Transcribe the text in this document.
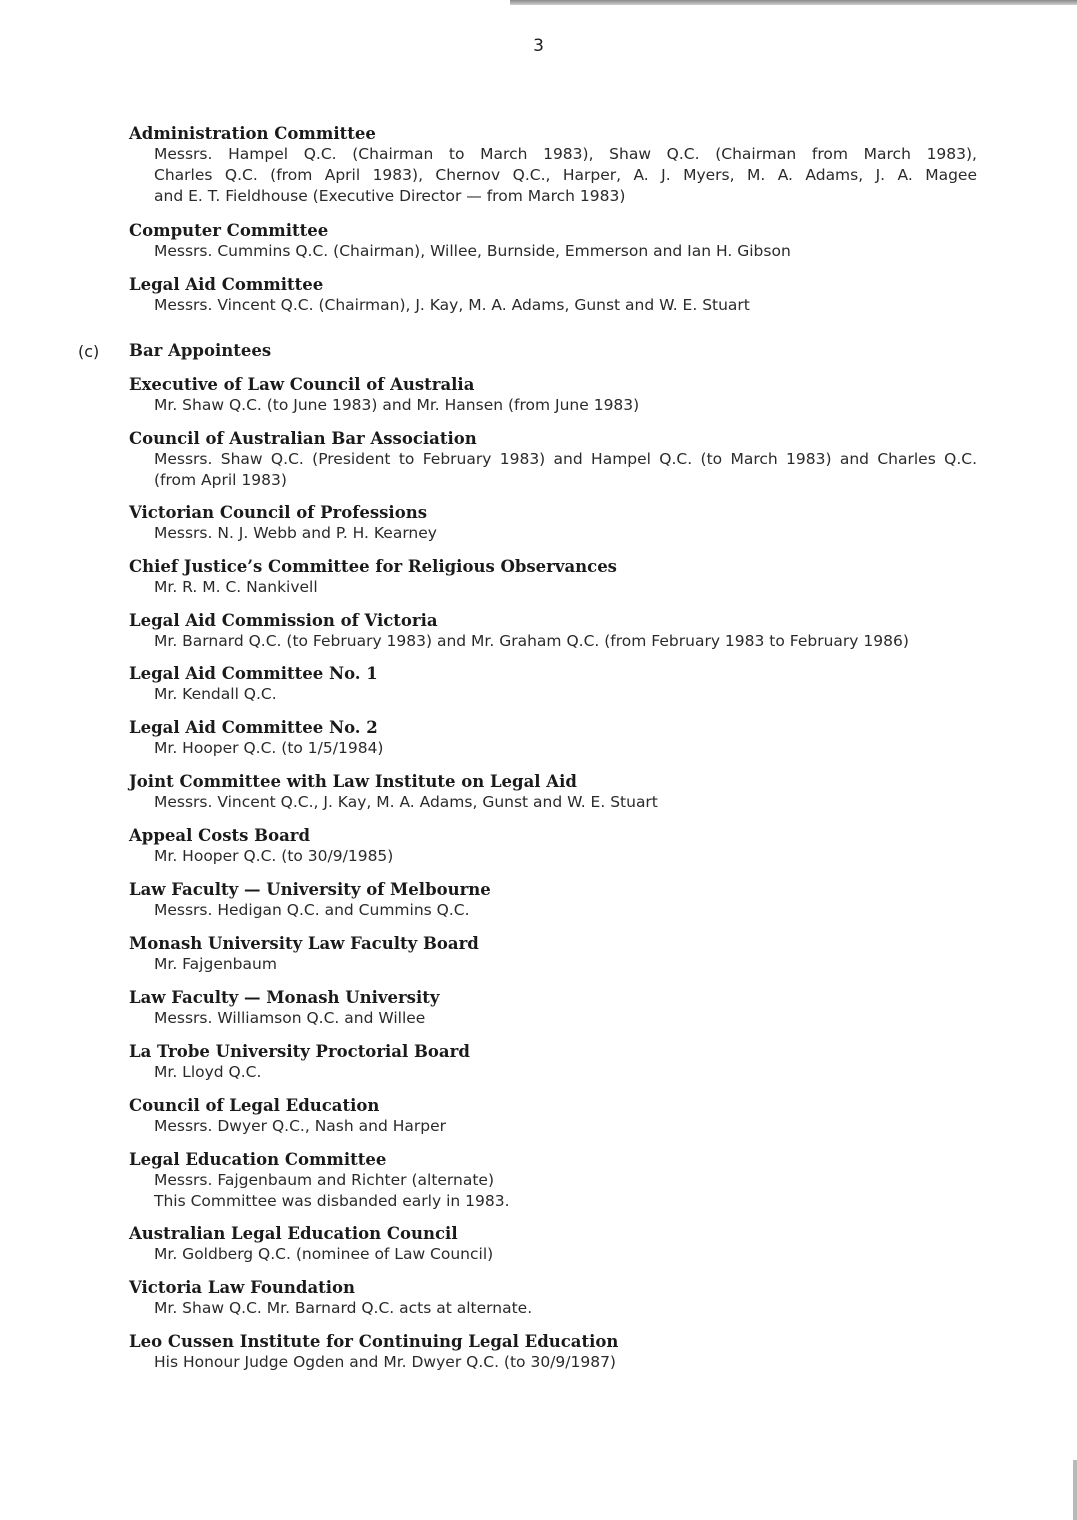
3
(c) Bar Appointees
Administration Committee
Messrs. Hampel Q.C. (Chairman to March 1983), Shaw Q.C. (Chairman from March 1983),
Charles Q.C. (from April 1983), Chernov Q.C., Harper, A. J. Myers, M. A. Adams, J. A. Magee
and E. T. Fieldhouse (Executive Director — from March 1983)
Computer Committee
Messrs. Cummins Q.C. (Chairman), Willee, Burnside, Emmerson and Ian H. Gibson
Legal Aid Committee
Messrs. Vincent Q.C. (Chairman), J. Kay, M. A. Adams, Gunst and W. E. Stuart
Executive of Law Council of Australia
Mr. Shaw Q.C. (to June 1983) and Mr. Hansen (from June 1983)
Council of Australian Bar Association
Messrs. Shaw Q.C. (President to February 1983) and Hampel Q.C. (to March 1983) and Charles Q.C.
(from April 1983)
Victorian Council of Professions
Messrs. N. J. Webb and P. H. Kearney
Chief Justice’s Committee for Religious Observances
Mr. R. M. C. Nankivell
Legal Aid Commission of Victoria
Mr. Barnard Q.C. (to February 1983) and Mr. Graham Q.C. (from February 1983 to February 1986)
Legal Aid Committee No. 1
Mr. Kendall Q.C.
Legal Aid Committee No. 2
Mr. Hooper Q.C. (to 1/5/1984)
Joint Committee with Law Institute on Legal Aid
Messrs. Vincent Q.C., J. Kay, M. A. Adams, Gunst and W. E. Stuart
Appeal Costs Board
Mr. Hooper Q.C. (to 30/9/1985)
Law Faculty — University of Melbourne
Messrs. Hedigan Q.C. and Cummins Q.C.
Monash University Law Faculty Board
Mr. Fajgenbaum
Law Faculty — Monash University
Messrs. Williamson Q.C. and Willee
La Trobe University Proctorial Board
Mr. Lloyd Q.C.
Council of Legal Education
Messrs. Dwyer Q.C., Nash and Harper
Legal Education Committee
Messrs. Fajgenbaum and Richter (alternate)
This Committee was disbanded early in 1983.
Australian Legal Education Council
Mr. Goldberg Q.C. (nominee of Law Council)
Victoria Law Foundation
Mr. Shaw Q.C. Mr. Barnard Q.C. acts at alternate.
Leo Cussen Institute for Continuing Legal Education
His Honour Judge Ogden and Mr. Dwyer Q.C. (to 30/9/1987)
